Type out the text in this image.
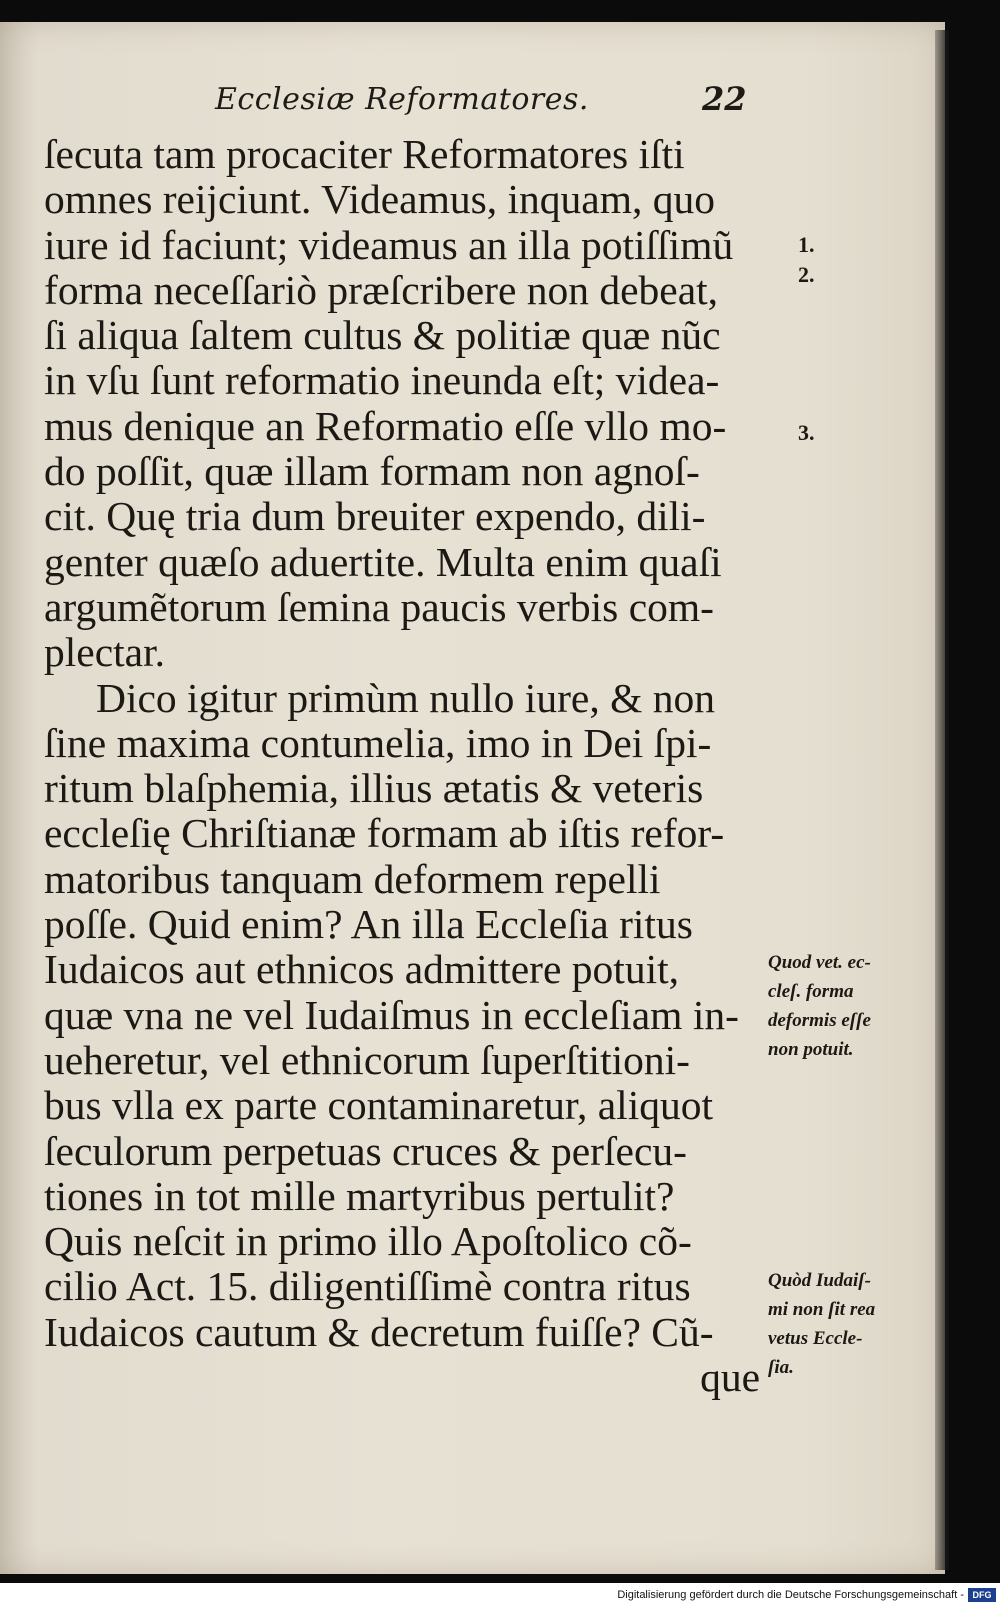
Ecclesiæ Reformatores.	22
ſecuta tam procaciter Reformatores iſti
omnes reijciunt. Videamus, inquam, quo
iure id faciunt; videamus an illa potiſſimũ
forma neceſſariò præſcribere non debeat,
ſi aliqua ſaltem cultus & politiæ quæ nũc
in vſu ſunt reformatio ineunda eſt; videa-
mus denique an Reformatio eſſe vllo mo-
do poſſit, quæ illam formam non agnoſ-
cit. Quę tria dum breuiter expendo, dili-
genter quæſo aduertite. Multa enim quaſi
argumẽtorum ſemina paucis verbis com-
plectar.
Dico igitur primùm nullo iure, & non
ſine maxima contumelia, imo in Dei ſpi-
ritum blaſphemia, illius ætatis & veteris
eccleſię Chriſtianæ formam ab iſtis refor-
matoribus tanquam deformem repelli
poſſe. Quid enim? An illa Eccleſia ritus
Iudaicos aut ethnicos admittere potuit,
quæ vna ne vel Iudaiſmus in eccleſiam in-
ueheretur, vel ethnicorum ſuperſtitioni-
bus vlla ex parte contaminaretur, aliquot
ſeculorum perpetuas cruces & perſecu-
tiones in tot mille martyribus pertulit?
Quis neſcit in primo illo Apoſtolico cõ-
cilio Act. 15. diligentiſſimè contra ritus
Iudaicos cautum & decretum fuiſſe? Cũ-
que
1.
2.
3.
Quod vet. ec-
cleſ. forma
deformis eſſe
non potuit.
Quòd Iudaiſ-
mi non ſit rea
vetus Eccle-
ſia.
Digitalisierung gefördert durch die Deutsche Forschungsgemeinschaft - DFG
